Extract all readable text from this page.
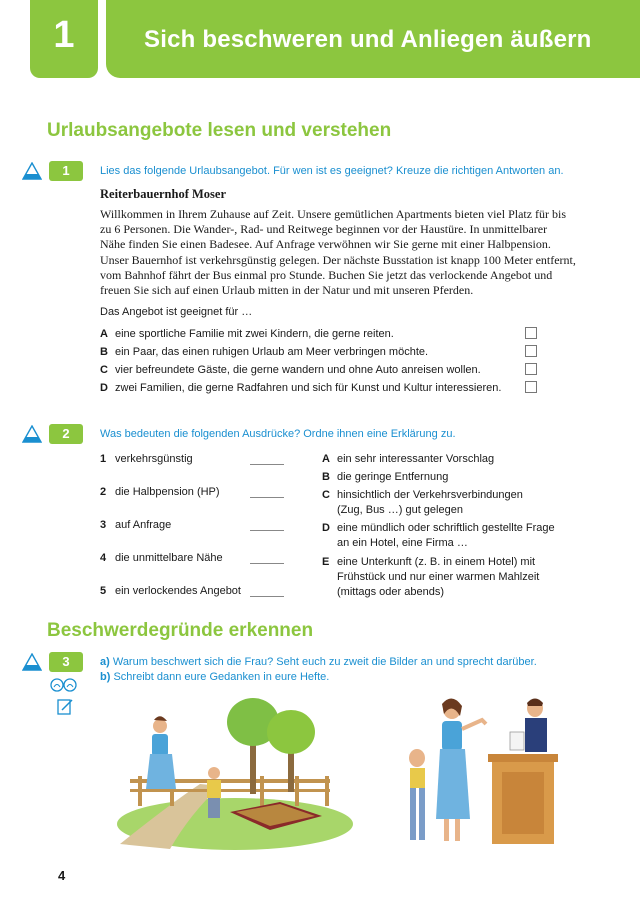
1	Sich beschweren und Anliegen äußern
Urlaubsangebote lesen und verstehen
1	Lies das folgende Urlaubsangebot. Für wen ist es geeignet? Kreuze die richtigen Antworten an.
Reiterbauernhof Moser
Willkommen in Ihrem Zuhause auf Zeit. Unsere gemütlichen Apartments bieten viel Platz für bis
zu 6 Personen. Die Wander-, Rad- und Reitwege beginnen vor der Haustüre. In unmittelbarer
Nähe finden Sie einen Badesee. Auf Anfrage verwöhnen wir Sie gerne mit einer Halbpension.
Unser Bauernhof ist verkehrsgünstig gelegen. Der nächste Busstation ist knapp 100 Meter entfernt,
vom Bahnhof fährt der Bus einmal pro Stunde. Buchen Sie jetzt das verlockende Angebot und
freuen Sie sich auf einen Urlaub mitten in der Natur und mit unseren Pferden.
Das Angebot ist geeignet für …
A eine sportliche Familie mit zwei Kindern, die gerne reiten.
B ein Paar, das einen ruhigen Urlaub am Meer verbringen möchte.
C vier befreundete Gäste, die gerne wandern und ohne Auto anreisen wollen.
D zwei Familien, die gerne Radfahren und sich für Kunst und Kultur interessieren.
2	Was bedeuten die folgenden Ausdrücke? Ordne ihnen eine Erklärung zu.
1 verkehrsgünstig
2 die Halbpension (HP)
3 auf Anfrage
4 die unmittelbare Nähe
5 ein verlockendes Angebot
A ein sehr interessanter Vorschlag
B die geringe Entfernung
C hinsichtlich der Verkehrsverbindungen
(Zug, Bus …) gut gelegen
D eine mündlich oder schriftlich gestellte Frage
an ein Hotel, eine Firma …
E eine Unterkunft (z. B. in einem Hotel) mit
Frühstück und nur einer warmen Mahlzeit
(mittags oder abends)
Beschwerdegründe erkennen
3	a) Warum beschwert sich die Frau? Seht euch zu zweit die Bilder an und sprecht darüber.
b) Schreibt dann eure Gedanken in eure Hefte.
4
